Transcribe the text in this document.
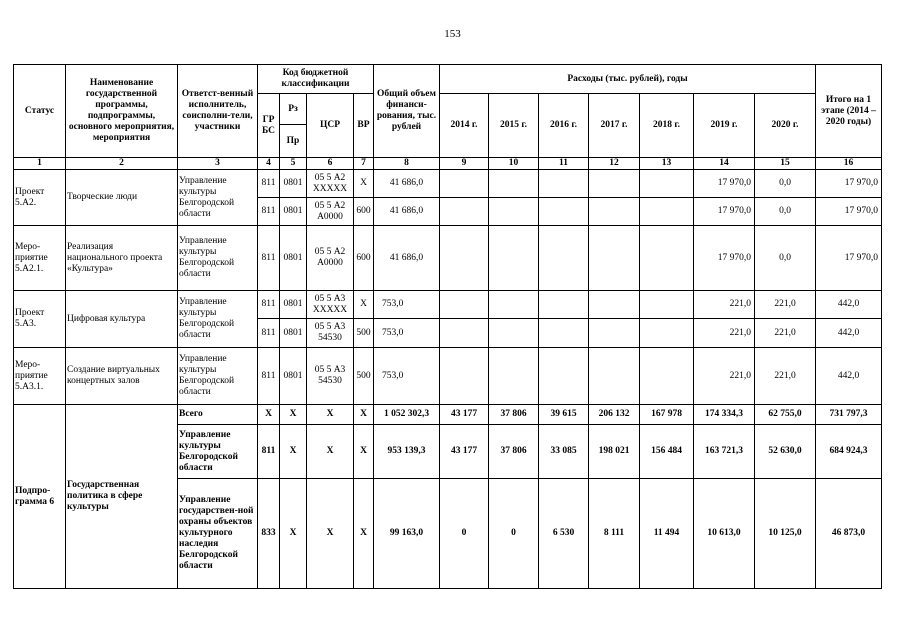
153
Статус	Наименование государственной программы, подпрограммы, основного мероприятия, мероприятия	Ответст-венный исполнитель, соисполни-тели, участники	Код бюджетной классификации				Общий объем финанси-рования, тыс. рублей	Расходы (тыс. рублей), годы							Итого на 1 этапе (2014 – 2020 годы)
			ГР БС	Рз	ЦСР	ВР		2014 г.	2015 г.	2016 г.	2017 г.	2018 г.	2019 г.	2020 г.	
				Пр											
1	2	3	4	5	6	7	8	9	10	11	12	13	14	15	16
Проект 5.А2.	Творческие люди	Управление культуры Белгородской области	811	0801	05 5 А2 ХХХХХ	Х	41 686,0						17 970,0	0,0	17 970,0
			811	0801	05 5 А2 А0000	600	41 686,0						17 970,0	0,0	17 970,0
Меро-приятие 5.А2.1.	Реализация национального проекта «Культура»	Управление культуры Белгородской области	811	0801	05 5 А2 А0000	600	41 686,0						17 970,0	0,0	17 970,0
Проект 5.А3.	Цифровая культура	Управление культуры Белгородской области	811	0801	05 5 А3 ХХХХХ	Х	753,0						221,0	221,0	442,0
			811	0801	05 5 А3 54530	500	753,0						221,0	221,0	442,0
Меро-приятие 5.А3.1.	Создание виртуальных концертных залов	Управление культуры Белгородской области	811	0801	05 5 А3 54530	500	753,0						221,0	221,0	442,0
Подпро-грамма 6	Государственная политика в сфере культуры	Всего	Х	Х	Х	Х	1 052 302,3	43 177	37 806	39 615	206 132	167 978	174 334,3	62 755,0	731 797,3
		Управление культуры Белгородской области	811	Х	Х	Х	953 139,3	43 177	37 806	33 085	198 021	156 484	163 721,3	52 630,0	684 924,3
		Управление государствен-ной охраны объектов культурного наследия Белгородской области	833	Х	Х	Х	99 163,0	0	0	6 530	8 111	11 494	10 613,0	10 125,0	46 873,0
